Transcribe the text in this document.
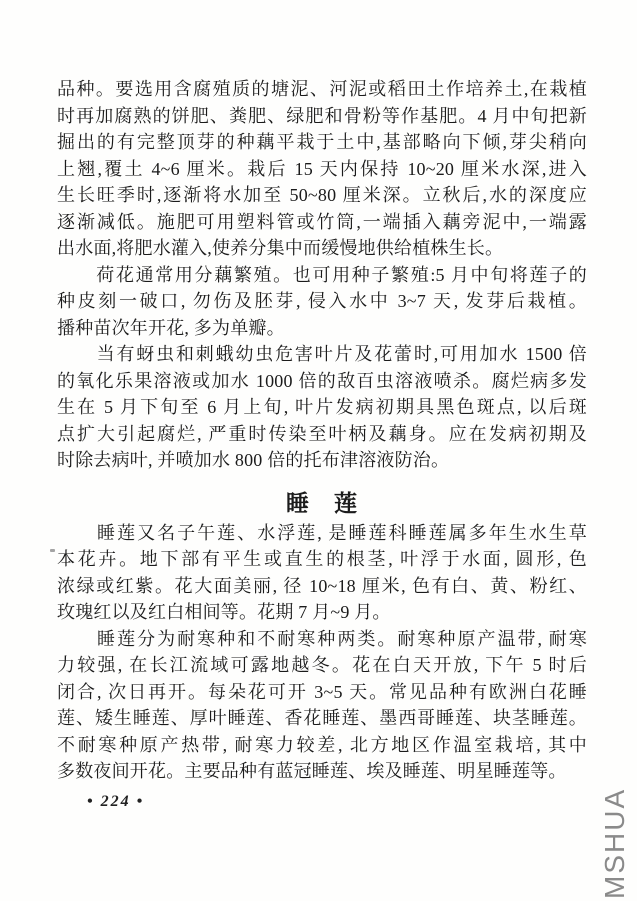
品种。要选用含腐殖质的塘泥、河泥或稻田土作培养土,在栽植
时再加腐熟的饼肥、粪肥、绿肥和骨粉等作基肥。4 月中旬把新
掘出的有完整顶芽的种藕平栽于土中,基部略向下倾,芽尖稍向
上翘,覆土 4~6 厘米。栽后 15 天内保持 10~20 厘米水深,进入
生长旺季时,逐渐将水加至 50~80 厘米深。立秋后,水的深度应
逐渐减低。施肥可用塑料管或竹筒,一端插入藕旁泥中,一端露
出水面,将肥水灌入,使养分集中而缓慢地供给植株生长。
　　荷花通常用分藕繁殖。也可用种子繁殖:5 月中旬将莲子的
种皮刻一破口, 勿伤及胚芽, 侵入水中 3~7 天, 发芽后栽植。
播种苗次年开花, 多为单瓣。
　　当有蚜虫和刺蛾幼虫危害叶片及花蕾时,可用加水 1500 倍
的氧化乐果溶液或加水 1000 倍的敌百虫溶液喷杀。腐烂病多发
生在 5 月下旬至 6 月上旬, 叶片发病初期具黑色斑点, 以后斑
点扩大引起腐烂, 严重时传染至叶柄及藕身。应在发病初期及
时除去病叶, 并喷加水 800 倍的托布津溶液防治。
睡　莲
　　睡莲又名子午莲、水浮莲, 是睡莲科睡莲属多年生水生草
本花卉。地下部有平生或直生的根茎, 叶浮于水面, 圆形, 色
浓绿或红紫。花大面美丽, 径 10~18 厘米, 色有白、黄、粉红、
玫瑰红以及红白相间等。花期 7 月~9 月。
　　睡莲分为耐寒种和不耐寒种两类。耐寒种原产温带, 耐寒
力较强, 在长江流域可露地越冬。花在白天开放, 下午 5 时后
闭合, 次日再开。每朵花可开 3~5 天。常见品种有欧洲白花睡
莲、矮生睡莲、厚叶睡莲、香花睡莲、墨西哥睡莲、块茎睡莲。
不耐寒种原产热带, 耐寒力较差, 北方地区作温室栽培, 其中
多数夜间开花。主要品种有蓝冠睡莲、埃及睡莲、明星睡莲等。
• 224 •	MSHUA
